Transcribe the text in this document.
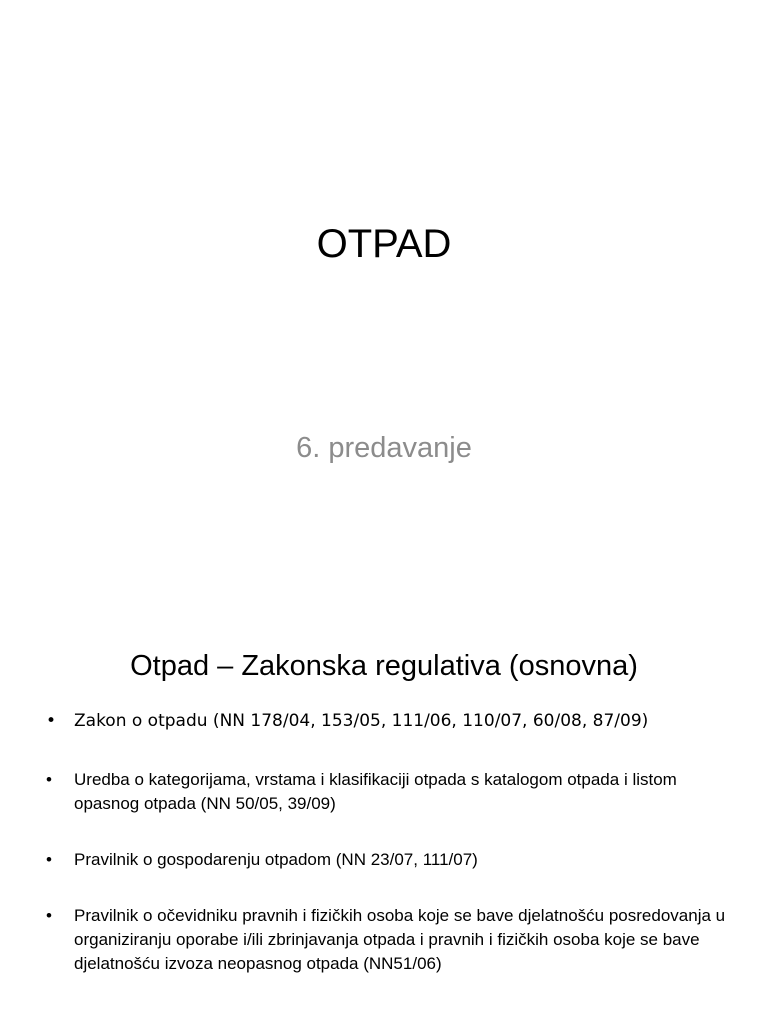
OTPAD
6. predavanje
Otpad – Zakonska regulativa (osnovna)
•	Zakon o otpadu (NN 178/04, 153/05, 111/06, 110/07, 60/08, 87/09)
•	Uredba o kategorijama, vrstama i klasifikaciji otpada s katalogom otpada i listom opasnog otpada (NN 50/05, 39/09)
•	Pravilnik o gospodarenju otpadom (NN 23/07, 111/07)
•	Pravilnik o očevidniku pravnih i fizičkih osoba koje se bave djelatnošću posredovanja u organiziranju oporabe i/ili zbrinjavanja otpada i pravnih i fizičkih osoba koje se bave djelatnošću izvoza neopasnog otpada (NN51/06)
